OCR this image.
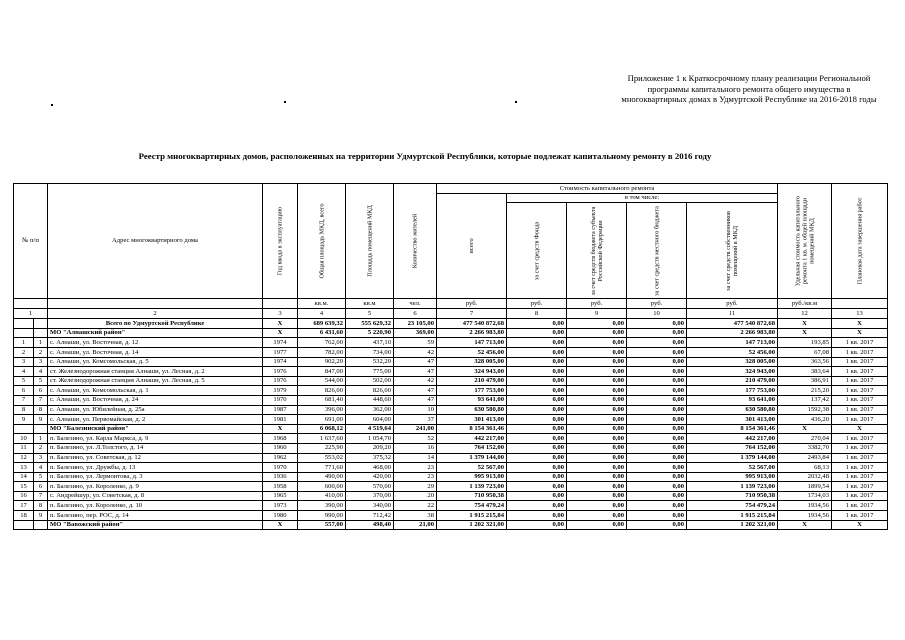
Приложение 1 к Краткосрочному плану реализации Региональной программы капитального ремонта общего имущества в многоквартирных домах в Удмуртской Республике на 2016-2018 годы
Реестр многоквартирных домов, расположенных на территории Удмуртской Республики, которые подлежат капитальному ремонту в 2016 году
№ п/п		Адрес многоквартирного дома	Год ввода в эксплуатацию	Общая площадь МКД, всего	Площадь помещений МКД	Количество жителей	Стоимость капитального ремонта					Удельная стоимость капитального ремонта 1 кв. м. общей площади помещений МКД	Плановая дата завершения работ

							всего	в том числе:					

								за счет средств Фонда	за счет средств бюджета субъекта Российской Федерации	за счет средств местного бюджета	за счет средств собственников помещений в МКД		

				кв.м.	кв.м	чел.	руб.	руб.	руб.	руб.	руб.	руб./кв.м	
1		2	3	4	5	6	7	8	9	10	11	12	13
		Всего по Удмуртской Республике	X	689 639,32	555 629,32	23 105,00	477 540 872,68	0,00	0,00	0,00	477 540 872,68	X	X
		МО "Алнашский район"	X	6 431,60	5 220,90	369,00	2 266 983,80	0,00	0,00	0,00	2 266 983,80	X	X
1	1	с. Алнаши, ул. Восточная, д. 12	1974	762,00	437,10	59	147 713,00	0,00	0,00	0,00	147 713,00	193,85	1 кв. 2017
2	2	с. Алнаши, ул. Восточная, д. 14	1977	782,00	734,00	42	52 456,00	0,00	0,00	0,00	52 456,00	67,08	1 кв. 2017
3	3	с. Алнаши, ул. Комсомольская, д. 5	1974	902,20	532,20	47	328 005,00	0,00	0,00	0,00	328 005,00	363,56	1 кв. 2017
4	4	ст. Железнодорожная станция Алнаши, ул. Лесная, д. 2	1976	847,00	775,00	47	324 943,00	0,00	0,00	0,00	324 943,00	383,64	1 кв. 2017
5	5	ст. Железнодорожная станция Алнаши, ул. Лесная, д. 5	1976	544,00	502,00	42	210 479,00	0,00	0,00	0,00	210 479,00	386,91	1 кв. 2017
6	6	с. Алнаши, ул. Комсомольская, д. 1	1979	826,00	826,00	47	177 753,00	0,00	0,00	0,00	177 753,00	215,20	1 кв. 2017
7	7	с. Алнаши, ул. Восточная, д. 24	1970	681,40	448,60	47	93 641,00	0,00	0,00	0,00	93 641,00	137,42	1 кв. 2017
8	8	с. Алнаши, ул. Юбилейная, д. 25а	1987	396,00	362,00	10	630 580,80	0,00	0,00	0,00	630 580,80	1592,38	1 кв. 2017
9	9	с. Алнаши, ул. Первомайская, д. 2	1981	691,00	604,00	37	301 413,00	0,00	0,00	0,00	301 413,00	436,20	1 кв. 2017
		МО "Балезинский район"	X	6 068,12	4 519,64	241,00	8 154 361,46	0,00	0,00	0,00	8 154 361,46	X	X
10	1	п. Балезино, ул. Карла Маркса, д. 9	1968	1 637,60	1 054,70	52	442 217,00	0,00	0,00	0,00	442 217,00	270,04	1 кв. 2017
11	2	п. Балезино, ул. Л.Толстого, д. 14	1960	225,90	209,20	16	764 152,00	0,00	0,00	0,00	764 152,00	3382,70	1 кв. 2017
12	3	п. Балезино, ул. Советская, д. 12	1962	553,02	375,32	14	1 379 144,00	0,00	0,00	0,00	1 379 144,00	2493,84	1 кв. 2017
13	4	п. Балезино, ул. Дружбы, д. 13	1970	771,60	468,00	23	52 567,00	0,00	0,00	0,00	52 567,00	68,13	1 кв. 2017
14	5	п. Балезино, ул. Лермонтова, д. 3	1936	490,00	420,00	23	995 913,00	0,00	0,00	0,00	995 913,00	2032,48	1 кв. 2017
15	6	п. Балезино, ул. Короленко, д. 9	1958	600,00	570,00	29	1 139 723,00	0,00	0,00	0,00	1 139 723,00	1899,54	1 кв. 2017
16	7	с. Андрейшур, ул. Советская, д. 8	1965	410,00	370,00	20	710 950,38	0,00	0,00	0,00	710 950,38	1734,03	1 кв. 2017
17	8	п. Балезино, ул. Короленко, д. 10	1973	390,00	340,00	22	754 479,24	0,00	0,00	0,00	754 479,24	1934,56	1 кв. 2017
18	9	п. Балезино, пер. РОС, д. 14	1980	990,00	712,42	38	1 915 215,84	0,00	0,00	0,00	1 915 215,84	1934,56	1 кв. 2017
		МО "Вавожский район"	X	557,00	498,40	21,00	1 202 321,00	0,00	0,00	0,00	1 202 321,00	X	X
